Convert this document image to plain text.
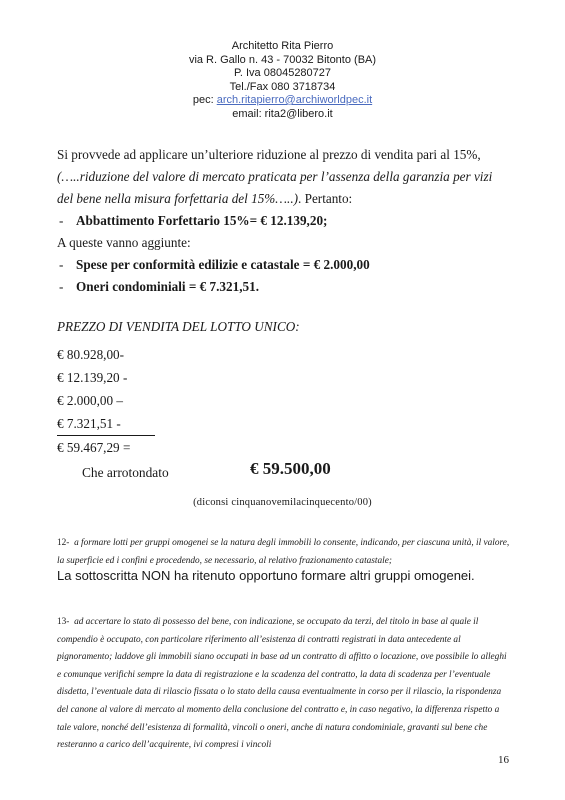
Architetto Rita Pierro
via R. Gallo n. 43 - 70032 Bitonto (BA)
P. Iva 08045280727
Tel./Fax 080 3718734
pec: arch.ritapierro@archiworldpec.it
email: rita2@libero.it

Si provvede ad applicare un’ulteriore riduzione al prezzo di vendita pari al 15%, (…..riduzione del valore di mercato praticata per l’assenza della garanzia per vizi del bene nella misura forfettaria del 15%…..). Pertanto:

- Abbattimento Forfettario 15%= € 12.139,20;

A queste vanno aggiunte:

- Spese per conformità edilizie e catastale = € 2.000,00

- Oneri condominiali = € 7.321,51.

PREZZO DI VENDITA DEL LOTTO UNICO:

€ 80.928,00-
€ 12.139,20 -
€ 2.000,00 –
€ 7.321,51 -
€ 59.467,29 =
Che arrotondato	€ 59.500,00
(diconsi cinquanovemilacinquecento/00)
12- a formare lotti per gruppi omogenei se la natura degli immobili lo consente, indicando, per ciascuna unità, il valore, la superficie ed i confini e procedendo, se necessario, al relativo frazionamento catastale;
La sottoscritta NON ha ritenuto opportuno formare altri gruppi omogenei.
13- ad accertare lo stato di possesso del bene, con indicazione, se occupato da terzi, del titolo in base al quale il compendio è occupato, con particolare riferimento all’esistenza di contratti registrati in data antecedente al pignoramento; laddove gli immobili siano occupati in base ad un contratto di affitto o locazione, ove possibile lo alleghi e comunque verifichi sempre la data di registrazione e la scadenza del contratto, la data di scadenza per l’eventuale disdetta, l’eventuale data di rilascio fissata o lo stato della causa eventualmente in corso per il rilascio, la rispondenza del canone al valore di mercato al momento della conclusione del contratto e, in caso negativo, la differenza rispetto a tale valore, nonché dell’esistenza di formalità, vincoli o oneri, anche di natura condominiale, gravanti sul bene che resteranno a carico dell’acquirente, ivi compresi i vincoli
16
